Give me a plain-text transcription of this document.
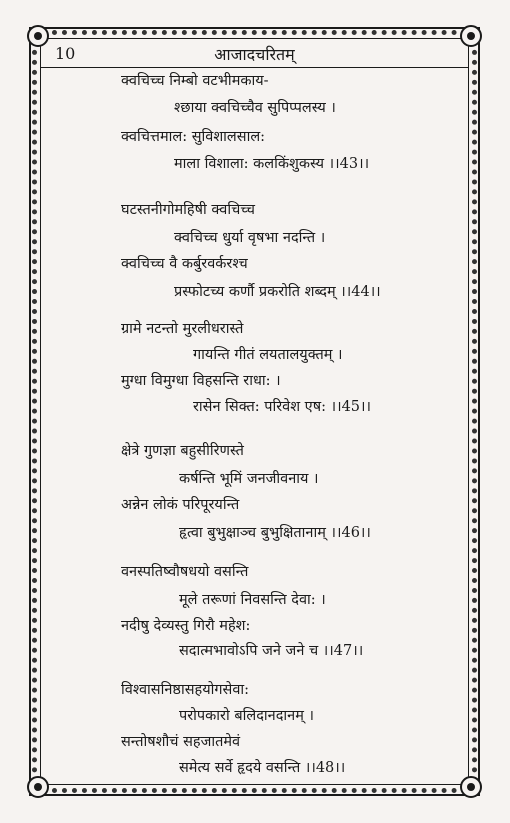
10	आजादचरितम्
क्वचिच्च निम्बो वटभीमकाय-
श्छाया क्वचिच्चैव सुपिप्पलस्य ।
क्वचित्तमाल: सुविशालसाल:
माला विशाला: कलकिंशुकस्य ।।43।।
घटस्तनीगोमहिषी क्वचिच्च
क्वचिच्च धुर्या वृषभा नदन्ति ।
क्वचिच्च वै कर्बुरवर्करश्च
प्रस्फोटच्य कर्णौ प्रकरोति शब्दम् ।।44।।
ग्रामे नटन्तो मुरलीधरास्ते
गायन्ति गीतं लयतालयुक्तम् ।
मुग्धा विमुग्धा विहसन्ति राधा: ।
रासेन सिक्त: परिवेश एष: ।।45।।
क्षेत्रे गुणज्ञा बहुसीरिणस्ते
कर्षन्ति भूमिं जनजीवनाय ।
अन्नेन लोकं परिपूरयन्ति
हृत्वा बुभुक्षाञ्च बुभुक्षितानाम् ।।46।।
वनस्पतिष्वौषधयो वसन्ति
मूले तरूणां निवसन्ति देवा: ।
नदीषु देव्यस्तु गिरौ महेश:
सदात्मभावोऽपि जने जने च ।।47।।
विश्वासनिष्ठासहयोगसेवा:
परोपकारो बलिदानदानम् ।
सन्तोषशौचं सहजातमेवं
समेत्य सर्वे हृदये वसन्ति ।।48।।
